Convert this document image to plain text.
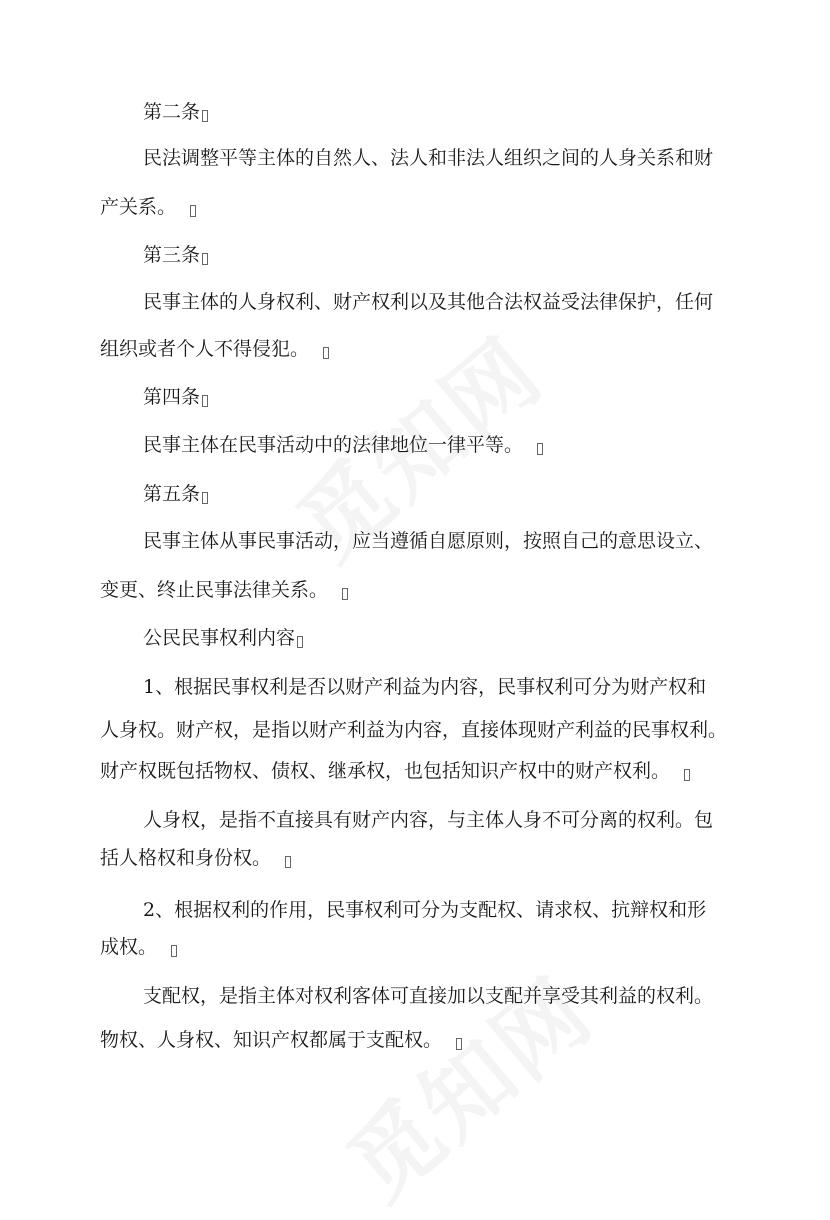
第二条
民法调整平等主体的自然人、法人和非法人组织之间的人身关系和财
产关系。
第三条
民事主体的人身权利、财产权利以及其他合法权益受法律保护，任何
组织或者个人不得侵犯。
第四条
民事主体在民事活动中的法律地位一律平等。
第五条
民事主体从事民事活动，应当遵循自愿原则，按照自己的意思设立、
变更、终止民事法律关系。
公民民事权利内容
1、根据民事权利是否以财产利益为内容，民事权利可分为财产权和
人身权。财产权，是指以财产利益为内容，直接体现财产利益的民事权利。
财产权既包括物权、债权、继承权，也包括知识产权中的财产权利。
人身权，是指不直接具有财产内容，与主体人身不可分离的权利。包
括人格权和身份权。
2、根据权利的作用，民事权利可分为支配权、请求权、抗辩权和形
成权。
支配权，是指主体对权利客体可直接加以支配并享受其利益的权利。
物权、人身权、知识产权都属于支配权。
